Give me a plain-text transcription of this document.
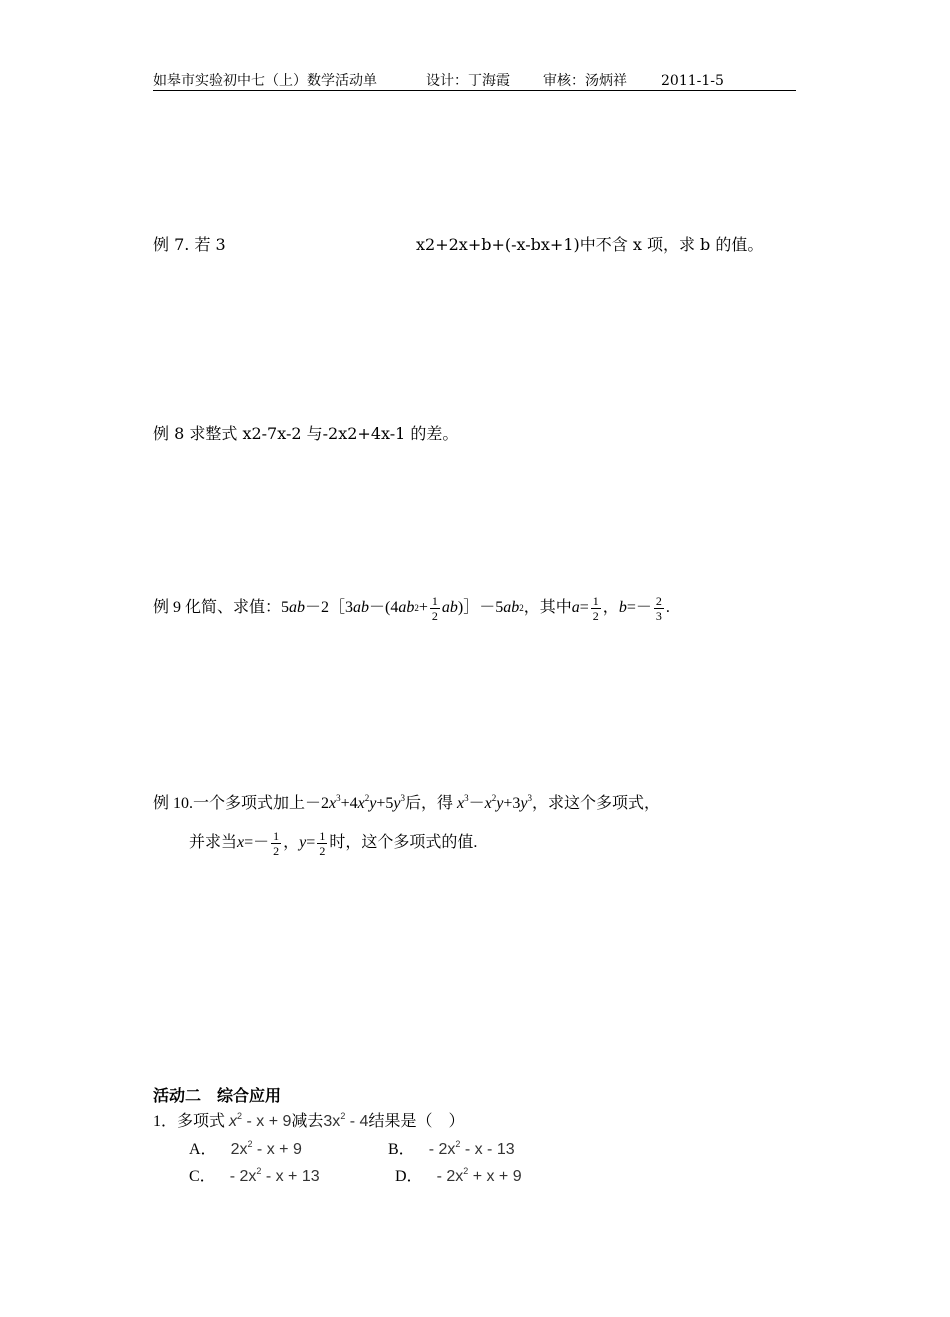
如皋市实验初中七（上）数学活动单	设计：丁海霞 审核：汤炳祥 2011-1-5
例 7. 若 3	x2+2x+b+(-x-bx+1)中不含 x 项，求 b 的值。
例 8 求整式 x2-7x-2 与-2x2+4x-1 的差。
例 9 化简、求值： 5 ab －2［3 ab －(4 ab $2 + \frac{1}{2}$ ab )］－5 ab 2 ，其中 $a = \frac{1}{2}$ ， $b =- \frac{2}{3}$ .
例 10.一个多项式加上$-2x^3+4x^2y+5y^3$后，得 $x^3-x^2y+3y^3$，求这个多项式，
并求当 $x =- \frac{1}{2}$ ， $y = \frac{1}{2}$ 时，这个多项式的值.
活动二　综合应用
1．多项式 $x^2 - x + 9$减去$3x^2 - 4$结果是（　）
A． $2x^2 - x + 9$	B． - $2x^2$ - x - 13
C． - $2x^2 - x + 13$	D． - $2x^2 + x + 9$
